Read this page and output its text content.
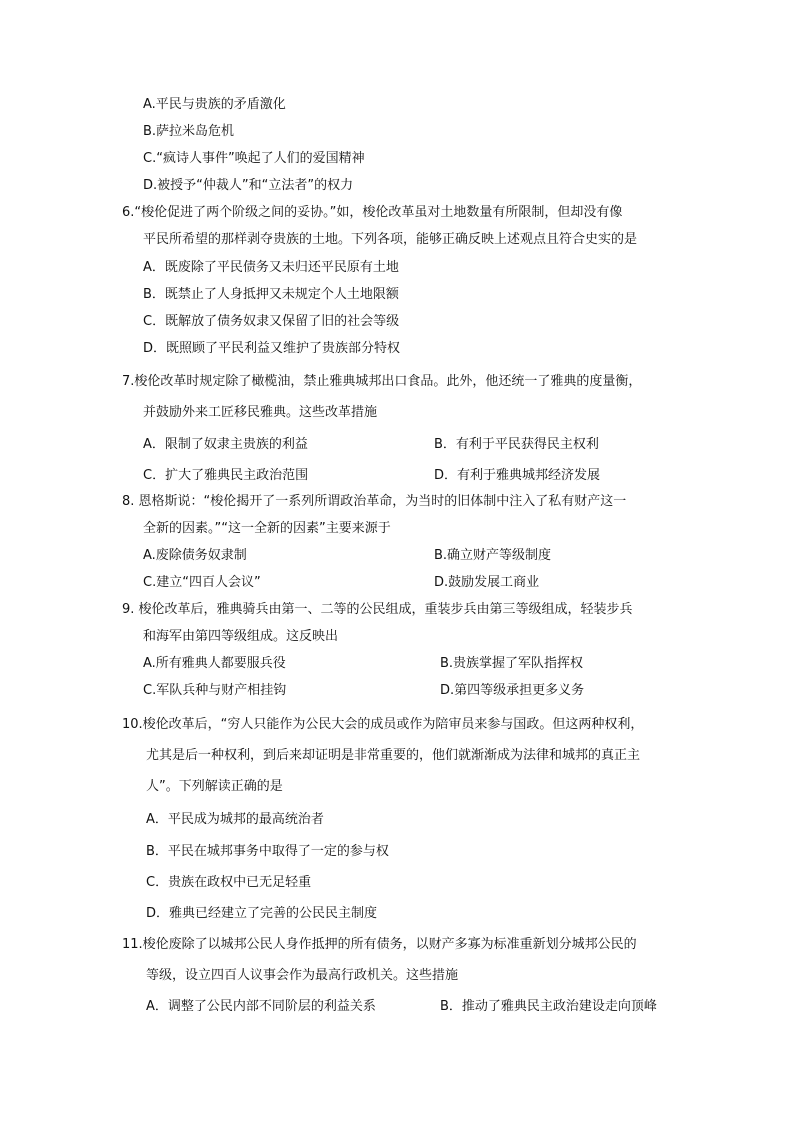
A.平民与贵族的矛盾激化
B.萨拉米岛危机
C.“疯诗人事件”唤起了人们的爱国精神
D.被授予“仲裁人”和“立法者”的权力
6.“梭伦促进了两个阶级之间的妥协。”如，梭伦改革虽对土地数量有所限制，但却没有像
平民所希望的那样剥夺贵族的土地。下列各项，能够正确反映上述观点且符合史实的是
A．既废除了平民债务又未归还平民原有土地
B．既禁止了人身抵押又未规定个人土地限额
C．既解放了债务奴隶又保留了旧的社会等级
D．既照顾了平民利益又维护了贵族部分特权
7.梭伦改革时规定除了橄榄油，禁止雅典城邦出口食品。此外，他还统一了雅典的度量衡，
并鼓励外来工匠移民雅典。这些改革措施
A．限制了奴隶主贵族的利益	B．有利于平民获得民主权利
C．扩大了雅典民主政治范围	D．有利于雅典城邦经济发展
8. 恩格斯说：“梭伦揭开了一系列所谓政治革命，为当时的旧体制中注入了私有财产这一
全新的因素。”“这一全新的因素”主要来源于
A.废除债务奴隶制	B.确立财产等级制度
C.建立“四百人会议”	D.鼓励发展工商业
9. 梭伦改革后，雅典骑兵由第一、二等的公民组成，重装步兵由第三等级组成，轻装步兵
和海军由第四等级组成。这反映出
A.所有雅典人都要服兵役	B.贵族掌握了军队指挥权
C.军队兵种与财产相挂钩	D.第四等级承担更多义务
10.梭伦改革后，“穷人只能作为公民大会的成员或作为陪审员来参与国政。但这两种权利，
尤其是后一种权利，到后来却证明是非常重要的，他们就渐渐成为法律和城邦的真正主
人”。下列解读正确的是
A．平民成为城邦的最高统治者
B．平民在城邦事务中取得了一定的参与权
C．贵族在政权中已无足轻重
D．雅典已经建立了完善的公民民主制度
11.梭伦废除了以城邦公民人身作抵押的所有债务，以财产多寡为标准重新划分城邦公民的
等级，设立四百人议事会作为最高行政机关。这些措施
A．调整了公民内部不同阶层的利益关系	B．推动了雅典民主政治建设走向顶峰
